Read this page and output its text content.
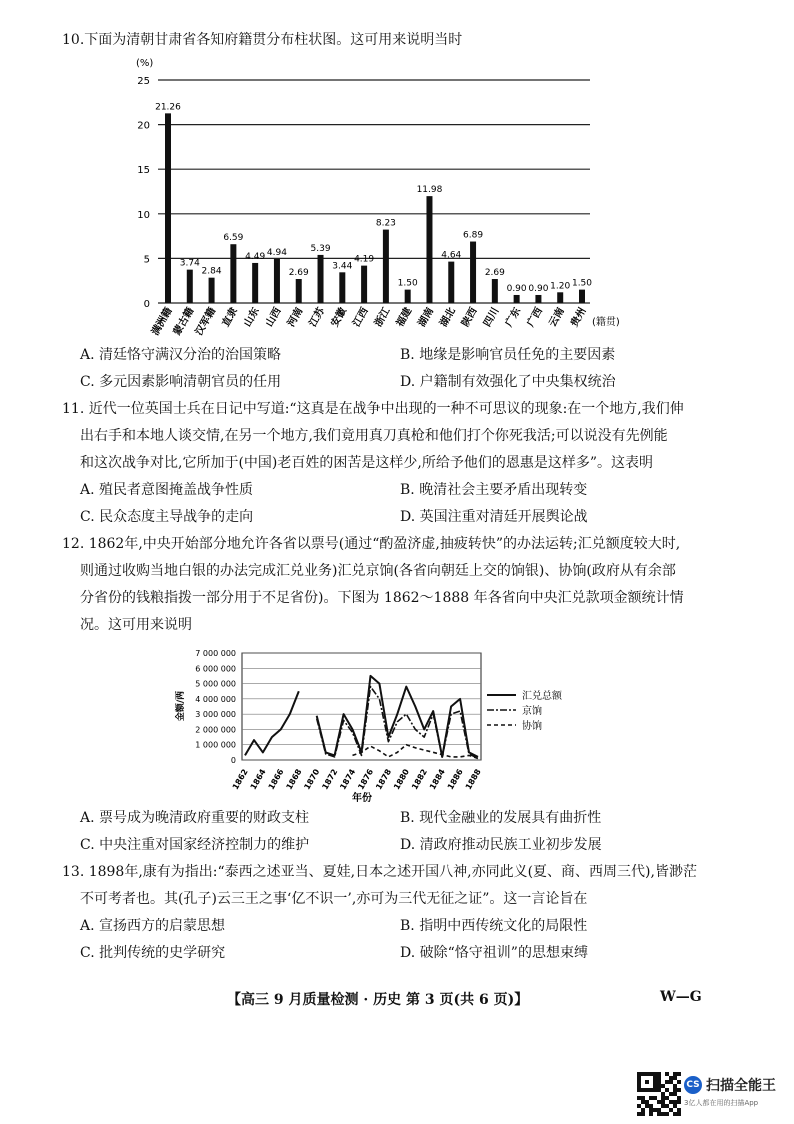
10.下面为清朝甘肃省各知府籍贯分布柱状图。这可用来说明当时
0
5
10
15
20
25
(%)
(籍贯)
21.26
满洲籍
3.74
蒙古籍
2.84
汉军籍
6.59
直隶
4.49
山东
4.94
山西
2.69
河南
5.39
江苏
3.44
安徽
4.19
江西
8.23
浙江
1.50
福建
11.98
湖南
4.64
湖北
6.89
陕西
2.69
四川
0.90
广东
0.90
广西
1.20
云南
1.50
贵州
A. 清廷恪守满汉分治的治国策略	B. 地缘是影响官员任免的主要因素
C. 多元因素影响清朝官员的任用	D. 户籍制有效强化了中央集权统治
11. 近代一位英国士兵在日记中写道:“这真是在战争中出现的一种不可思议的现象:在一个地方,我们伸
出右手和本地人谈交情,在另一个地方,我们竟用真刀真枪和他们打个你死我活;可以说没有先例能
和这次战争对比,它所加于(中国)老百姓的困苦是这样少,所给予他们的恩惠是这样多”。这表明
A. 殖民者意图掩盖战争性质	B. 晚清社会主要矛盾出现转变
C. 民众态度主导战争的走向	D. 英国注重对清廷开展舆论战
12. 1862年,中央开始部分地允许各省以票号(通过“酌盈济虚,抽疲转快”的办法运转;汇兑额度较大时,
则通过收购当地白银的办法完成汇兑业务)汇兑京饷(各省向朝廷上交的饷银)、协饷(政府从有余部
分省份的钱粮指拨一部分用于不足省份)。下图为 1862～1888 年各省向中央汇兑款项金额统计情
况。这可用来说明
0
1 000 000
2 000 000
3 000 000
4 000 000
5 000 000
6 000 000
7 000 000
1862
1864
1866
1868
1870
1872
1874
1876
1878
1880
1882
1884
1886
1888
年份
金额/两	汇兑总额
京饷
协饷
A. 票号成为晚清政府重要的财政支柱	B. 现代金融业的发展具有曲折性
C. 中央注重对国家经济控制力的维护	D. 清政府推动民族工业初步发展
13. 1898年,康有为指出:“泰西之述亚当、夏娃,日本之述开国八神,亦同此义(夏、商、西周三代),皆渺茫
不可考者也。其(孔子)云三王之事‘亿不识一’,亦可为三代无征之证”。这一言论旨在
A. 宣扬西方的启蒙思想	B. 指明中西传统文化的局限性
C. 批判传统的史学研究	D. 破除“恪守祖训”的思想束缚
【高三 9 月质量检测 · 历史 第 3 页(共 6 页)】	W—G
CS 扫描全能王
3亿人都在用的扫描App
